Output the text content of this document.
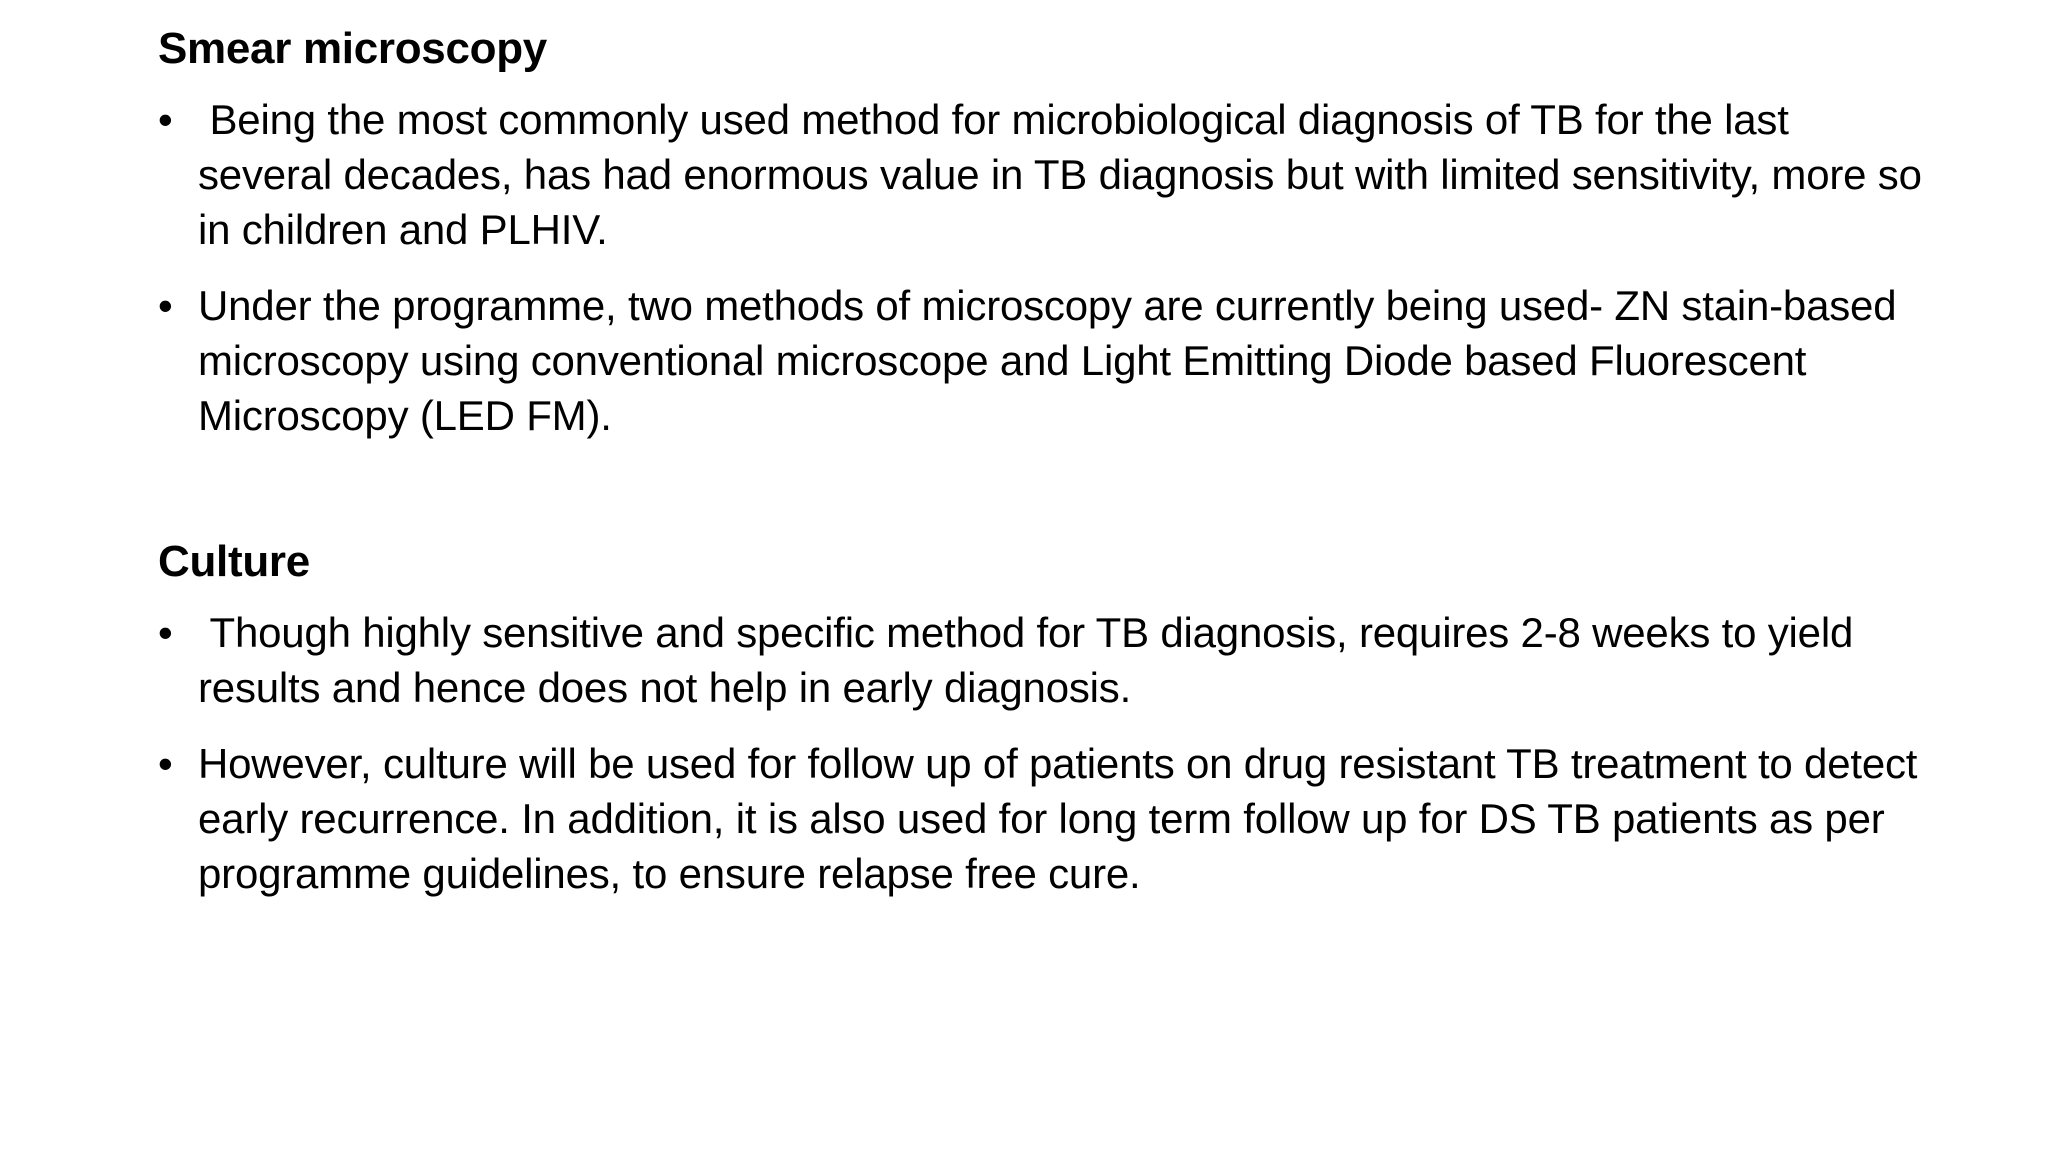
Smear microscopy
• Being the most commonly used method for microbiological diagnosis of TB for the last several decades, has had enormous value in TB diagnosis but with limited sensitivity, more so in children and PLHIV.
• Under the programme, two methods of microscopy are currently being used- ZN stain-based microscopy using conventional microscope and Light Emitting Diode based Fluorescent Microscopy (LED FM).
Culture
• Though highly sensitive and specific method for TB diagnosis, requires 2-8 weeks to yield results and hence does not help in early diagnosis.
• However, culture will be used for follow up of patients on drug resistant TB treatment to detect early recurrence. In addition, it is also used for long term follow up for DS TB patients as per programme guidelines, to ensure relapse free cure.
